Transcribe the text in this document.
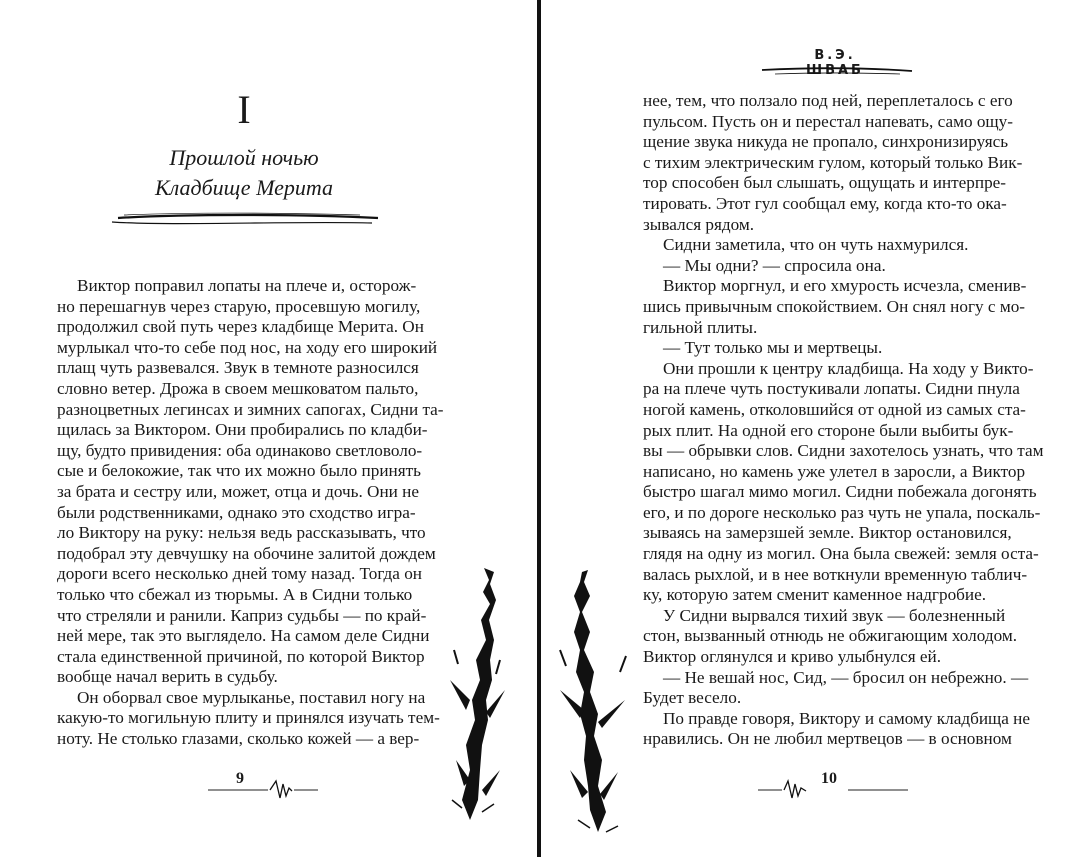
I
Прошлой ночью
Кладбище Мерита
Виктор поправил лопаты на плече и, осторож-
но перешагнув через старую, просевшую могилу,
продолжил свой путь через кладбище Мерита. Он
мурлыкал что-то себе под нос, на ходу его широкий
плащ чуть развевался. Звук в темноте разносился
словно ветер. Дрожа в своем мешковатом пальто,
разноцветных легинсах и зимних сапогах, Сидни та-
щилась за Виктором. Они пробирались по кладби-
щу, будто привидения: оба одинаково светловоло-
сые и белокожие, так что их можно было принять
за брата и сестру или, может, отца и дочь. Они не
были родственниками, однако это сходство игра-
ло Виктору на руку: нельзя ведь рассказывать, что
подобрал эту девчушку на обочине залитой дождем
дороги всего несколько дней тому назад. Тогда он
только что сбежал из тюрьмы. А в Сидни только
что стреляли и ранили. Каприз судьбы — по край-
ней мере, так это выглядело. На самом деле Сидни
стала единственной причиной, по которой Виктор
вообще начал верить в судьбу.
Он оборвал свое мурлыканье, поставил ногу на
какую-то могильную плиту и принялся изучать тем-
ноту. Не столько глазами, сколько кожей — а вер-
9
В.Э. ШВАБ
нее, тем, что ползало под ней, переплеталось с его
пульсом. Пусть он и перестал напевать, само ощу-
щение звука никуда не пропало, синхронизируясь
с тихим электрическим гулом, который только Вик-
тор способен был слышать, ощущать и интерпре-
тировать. Этот гул сообщал ему, когда кто-то ока-
зывался рядом.
Сидни заметила, что он чуть нахмурился.
— Мы одни? — спросила она.
Виктор моргнул, и его хмурость исчезла, сменив-
шись привычным спокойствием. Он снял ногу с мо-
гильной плиты.
— Тут только мы и мертвецы.
Они прошли к центру кладбища. На ходу у Викто-
ра на плече чуть постукивали лопаты. Сидни пнула
ногой камень, отколовшийся от одной из самых ста-
рых плит. На одной его стороне были выбиты бук-
вы — обрывки слов. Сидни захотелось узнать, что там
написано, но камень уже улетел в заросли, а Виктор
быстро шагал мимо могил. Сидни побежала догонять
его, и по дороге несколько раз чуть не упала, поскаль-
зываясь на замерзшей земле. Виктор остановился,
глядя на одну из могил. Она была свежей: земля оста-
валась рыхлой, и в нее воткнули временную таблич-
ку, которую затем сменит каменное надгробие.
У Сидни вырвался тихий звук — болезненный
стон, вызванный отнюдь не обжигающим холодом.
Виктор оглянулся и криво улыбнулся ей.
— Не вешай нос, Сид, — бросил он небрежно. —
Будет весело.
По правде говоря, Виктору и самому кладбища не
нравились. Он не любил мертвецов — в основном
10
